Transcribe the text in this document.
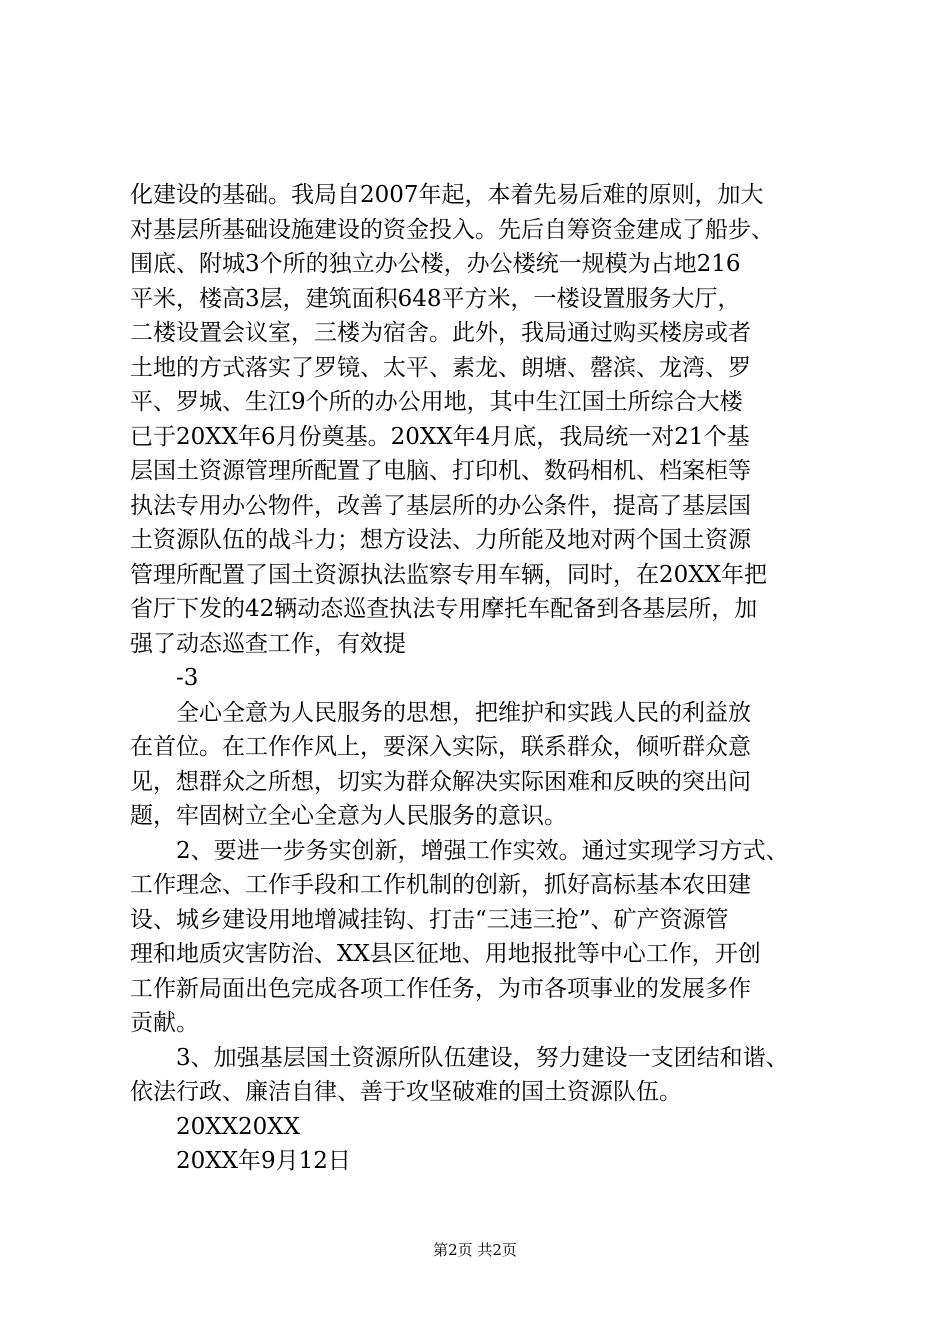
化建设的基础。我局自2007年起，本着先易后难的原则，加大
对基层所基础设施建设的资金投入。先后自筹资金建成了船步、
围底、附城3个所的独立办公楼，办公楼统一规模为占地216
平米，楼高3层，建筑面积648平方米，一楼设置服务大厅，
二楼设置会议室，三楼为宿舍。此外，我局通过购买楼房或者
土地的方式落实了罗镜、太平、素龙、朗塘、罄滨、龙湾、罗
平、罗城、生江9个所的办公用地，其中生江国土所综合大楼
已于20XX年6月份奠基。20XX年4月底，我局统一对21个基
层国土资源管理所配置了电脑、打印机、数码相机、档案柜等
执法专用办公物件，改善了基层所的办公条件，提高了基层国
土资源队伍的战斗力；想方设法、力所能及地对两个国土资源
管理所配置了国土资源执法监察专用车辆，同时，在20XX年把
省厅下发的42辆动态巡查执法专用摩托车配备到各基层所，加
强了动态巡查工作，有效提
-3
全心全意为人民服务的思想，把维护和实践人民的利益放
在首位。在工作作风上，要深入实际，联系群众，倾听群众意
见，想群众之所想，切实为群众解决实际困难和反映的突出问
题，牢固树立全心全意为人民服务的意识。
2、要进一步务实创新，增强工作实效。通过实现学习方式、
工作理念、工作手段和工作机制的创新，抓好高标基本农田建
设、城乡建设用地增减挂钩、打击“三违三抢”、矿产资源管
理和地质灾害防治、XX县区征地、用地报批等中心工作，开创
工作新局面出色完成各项工作任务，为市各项事业的发展多作
贡献。
3、加强基层国土资源所队伍建设，努力建设一支团结和谐、
依法行政、廉洁自律、善于攻坚破难的国土资源队伍。
20XX20XX
20XX年9月12日
第2页 共2页
